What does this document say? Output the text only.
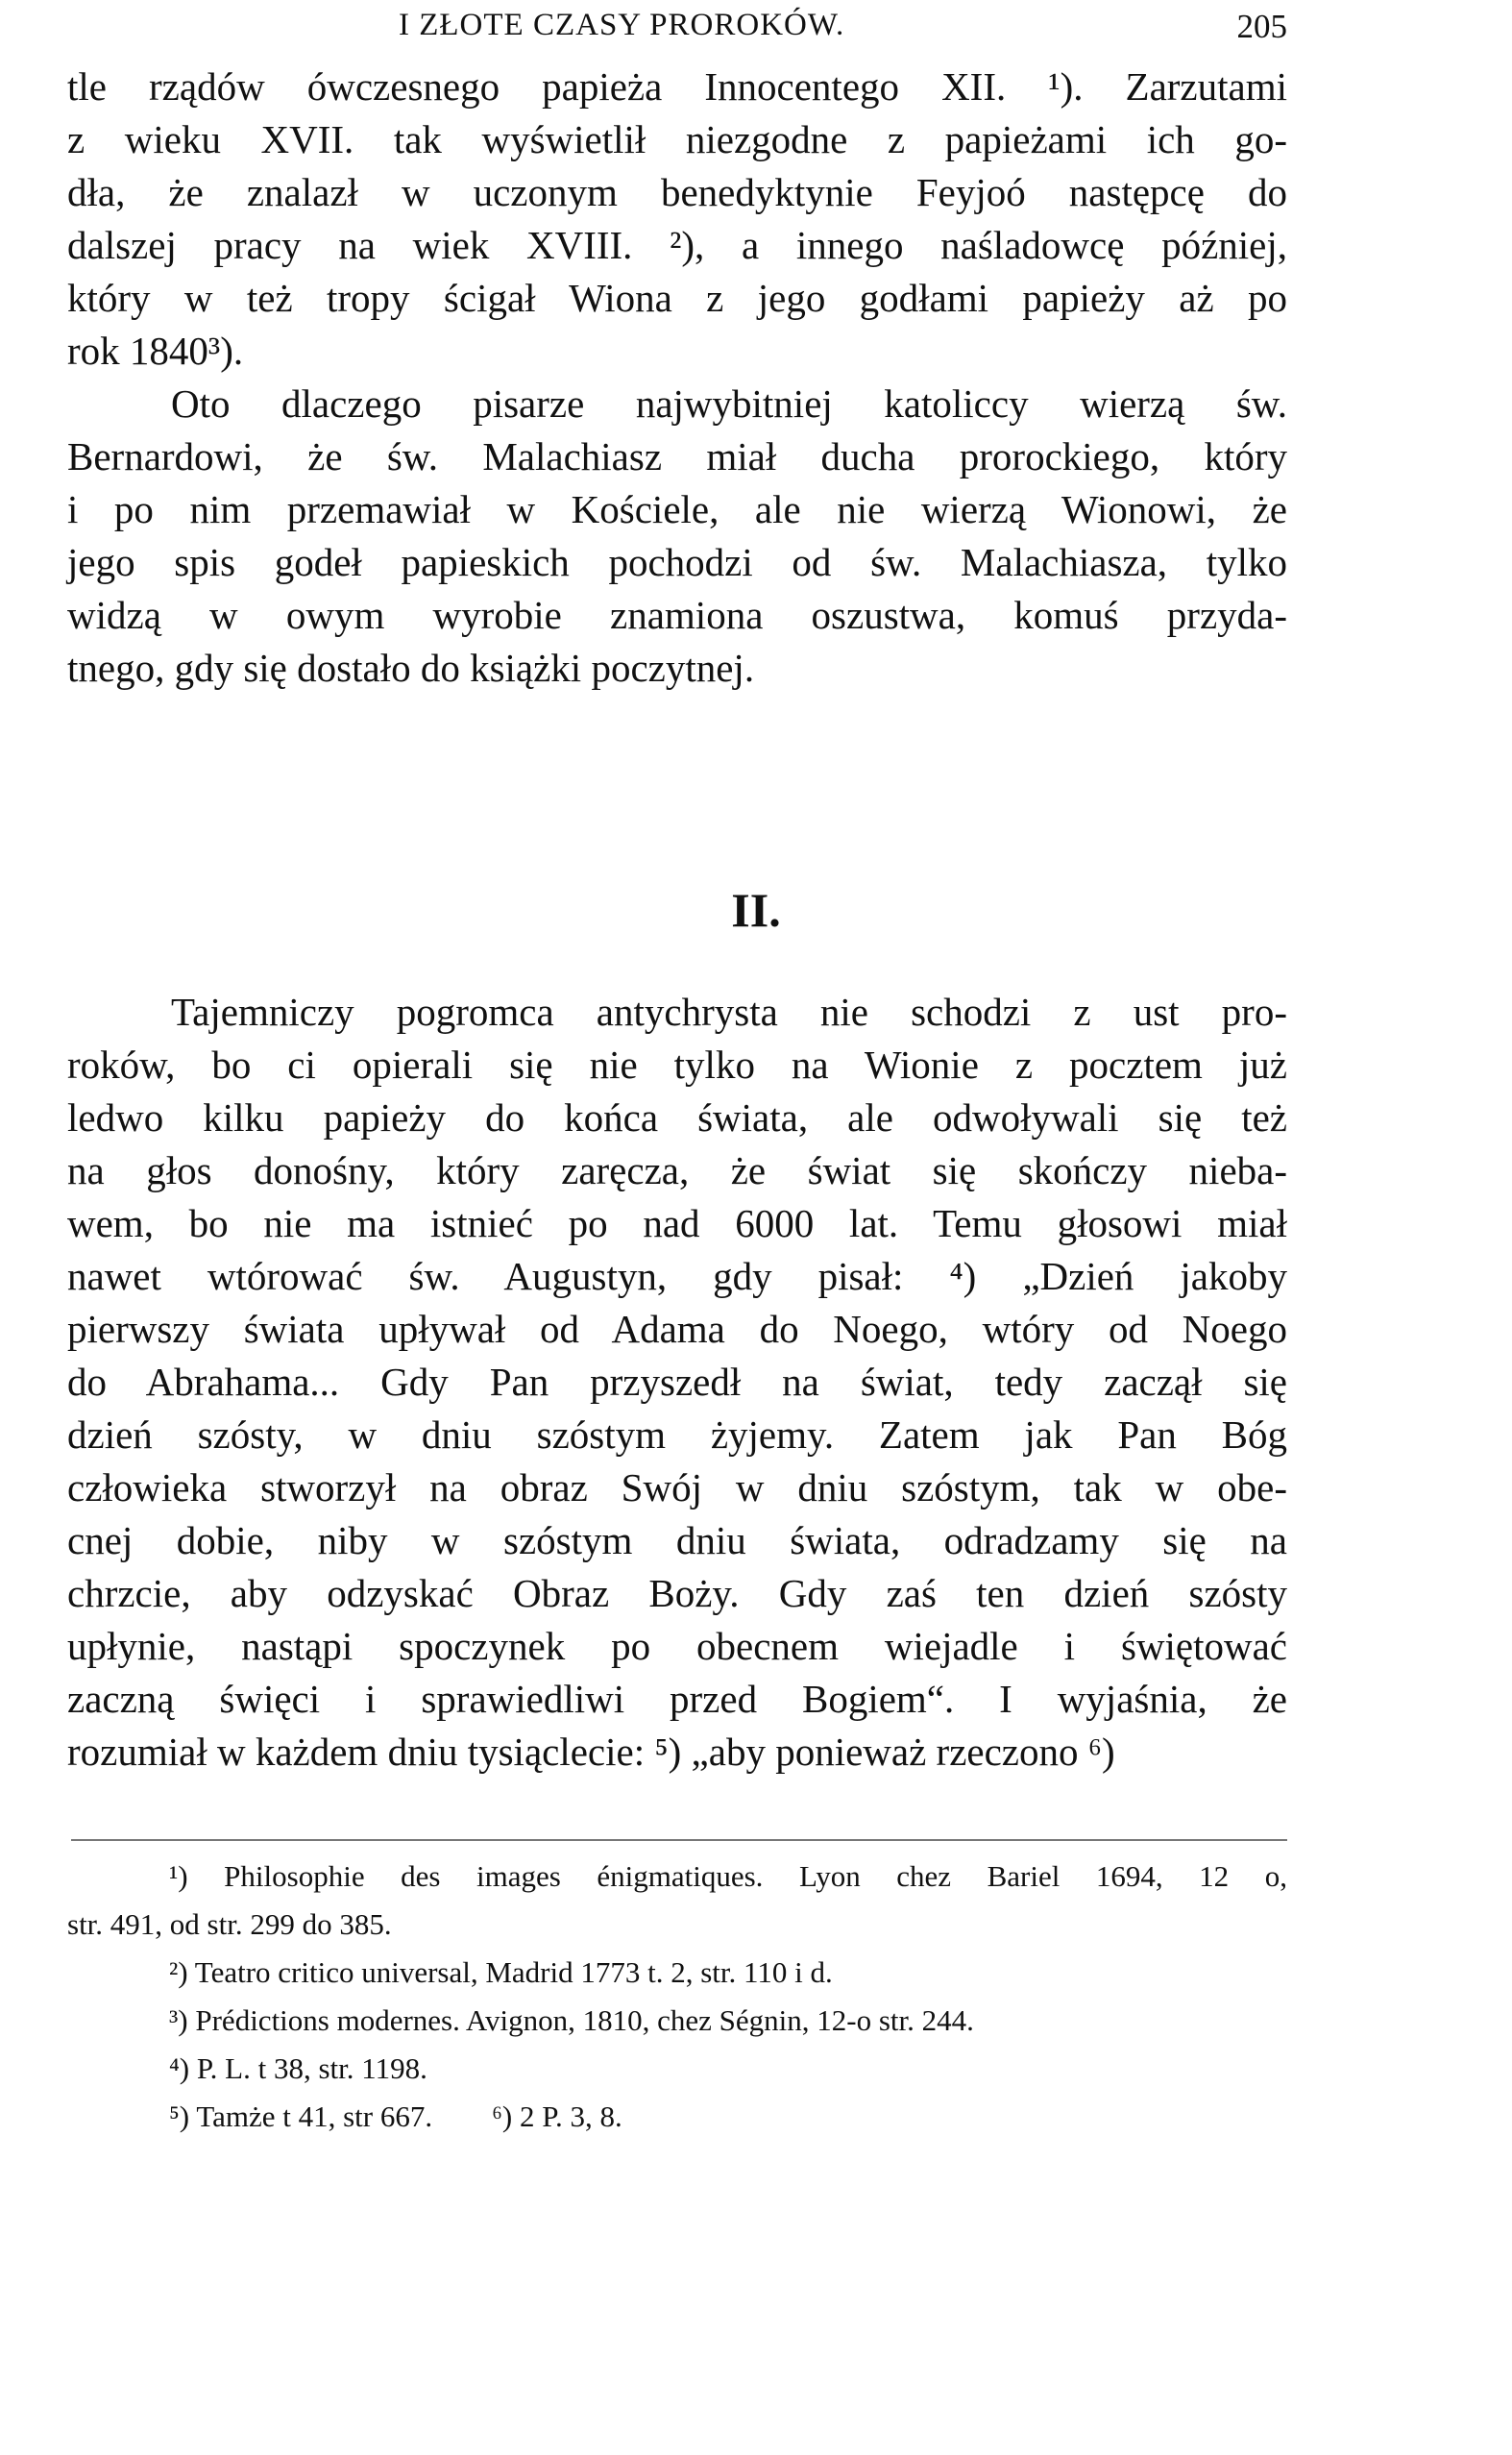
I ZŁOTE CZASY PROROKÓW.	205
tle rządów ówczesnego papieża Innocentego XII. ¹). Zarzutami
z wieku XVII. tak wyświetlił niezgodne z papieżami ich go-
dła, że znalazł w uczonym benedyktynie Feyjoó następcę do
dalszej pracy na wiek XVIII. ²), a innego naśladowcę później,
który w też tropy ścigał Wiona z jego godłami papieży aż po
rok 1840³).
Oto dlaczego pisarze najwybitniej katoliccy wierzą św.
Bernardowi, że św. Malachiasz miał ducha prorockiego, który
i po nim przemawiał w Kościele, ale nie wierzą Wionowi, że
jego spis godeł papieskich pochodzi od św. Malachiasza, tylko
widzą w owym wyrobie znamiona oszustwa, komuś przyda-
tnego, gdy się dostało do książki poczytnej.
II.
Tajemniczy pogromca antychrysta nie schodzi z ust pro-
roków, bo ci opierali się nie tylko na Wionie z pocztem już
ledwo kilku papieży do końca świata, ale odwoływali się też
na głos donośny, który zaręcza, że świat się skończy nieba-
wem, bo nie ma istnieć po nad 6000 lat. Temu głosowi miał
nawet wtórować św. Augustyn, gdy pisał: ⁴) „Dzień jakoby
pierwszy świata upływał od Adama do Noego, wtóry od Noego
do Abrahama... Gdy Pan przyszedł na świat, tedy zaczął się
dzień szósty, w dniu szóstym żyjemy. Zatem jak Pan Bóg
człowieka stworzył na obraz Swój w dniu szóstym, tak w obe-
cnej dobie, niby w szóstym dniu świata, odradzamy się na
chrzcie, aby odzyskać Obraz Boży. Gdy zaś ten dzień szósty
upłynie, nastąpi spoczynek po obecnem wiejadle i świętować
zaczną święci i sprawiedliwi przed Bogiem“. I wyjaśnia, że
rozumiał w każdem dniu tysiąclecie: ⁵) „aby ponieważ rzeczono ⁶)
¹) Philosophie des images énigmatiques. Lyon chez Bariel 1694, 12 o,
str. 491, od str. 299 do 385.
²) Teatro critico universal, Madrid 1773 t. 2, str. 110 i d.
³) Prédictions modernes. Avignon, 1810, chez Ségnin, 12-o str. 244.
⁴) P. L. t 38, str. 1198.
⁵) Tamże t 41, str 667.        ⁶) 2 P. 3, 8.
